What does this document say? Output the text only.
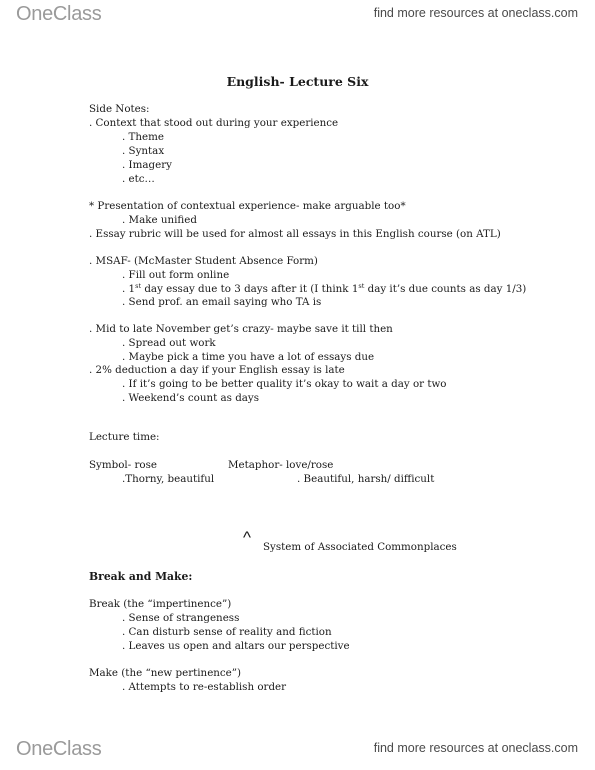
OneClass	find more resources at oneclass.com
English- Lecture Six
Side Notes:
. Context that stood out during your experience
. Theme
. Syntax
. Imagery
. etc…
* Presentation of contextual experience- make arguable too*
. Make unified
. Essay rubric will be used for almost all essays in this English course (on ATL)
. MSAF- (McMaster Student Absence Form)
. Fill out form online
. 1st day essay due to 3 days after it (I think 1st day it’s due counts as day 1/3)
. Send prof. an email saying who TA is
. Mid to late November get’s crazy- maybe save it till then
. Spread out work
. Maybe pick a time you have a lot of essays due
. 2% deduction a day if your English essay is late
. If it’s going to be better quality it’s okay to wait a day or two
. Weekend’s count as days
Lecture time:
Symbol- rose	Metaphor- love/rose
.Thorny, beautiful	. Beautiful, harsh/ difficult
^ System of Associated Commonplaces
Break and Make:
Break (the “impertinence”)
. Sense of strangeness
. Can disturb sense of reality and fiction
. Leaves us open and altars our perspective
Make (the “new pertinence”)
. Attempts to re-establish order
OneClass	find more resources at oneclass.com
